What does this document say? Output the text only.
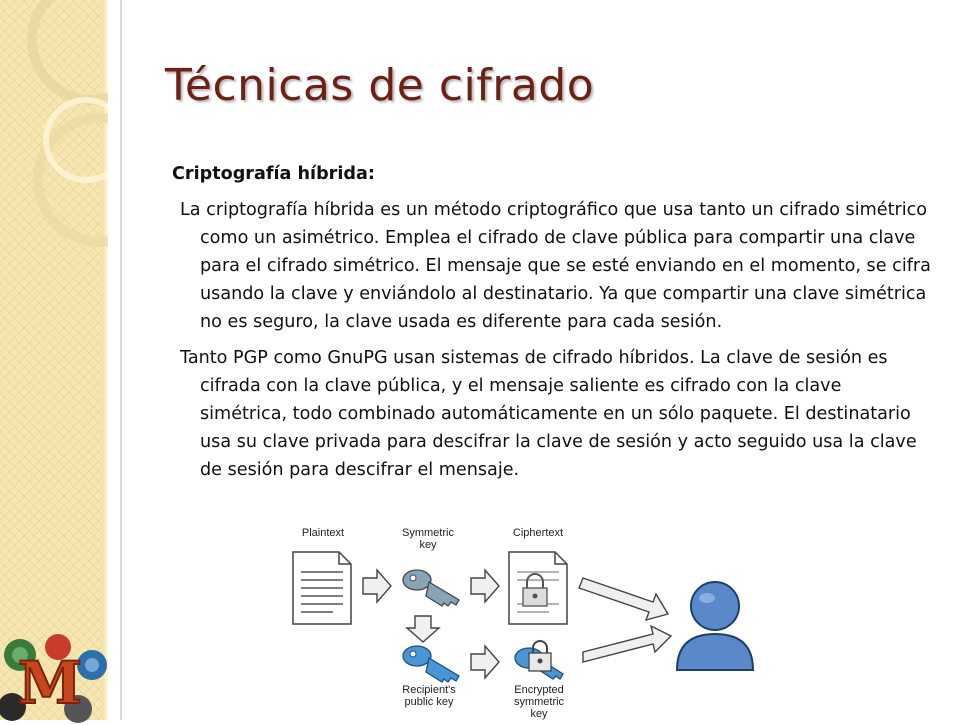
M
Técnicas de cifrado

Criptografía híbrida:

La criptografía híbrida es un método criptográfico que usa tanto un cifrado simétrico como un asimétrico. Emplea el cifrado de clave pública para compartir una clave para el cifrado simétrico. El mensaje que se esté enviando en el momento, se cifra usando la clave y enviándolo al destinatario. Ya que compartir una clave simétrica no es seguro, la clave usada es diferente para cada sesión.

Tanto PGP como GnuPG usan sistemas de cifrado híbridos. La clave de sesión es cifrada con la clave pública, y el mensaje saliente es cifrado con la clave simétrica, todo combinado automáticamente en un sólo paquete. El destinatario usa su clave privada para descifrar la clave de sesión y acto seguido usa la clave de sesión para descifrar el mensaje.

Plaintext	Symmetric
key
Ciphertext
Recipient's
public key
Encrypted
symmetric
key
